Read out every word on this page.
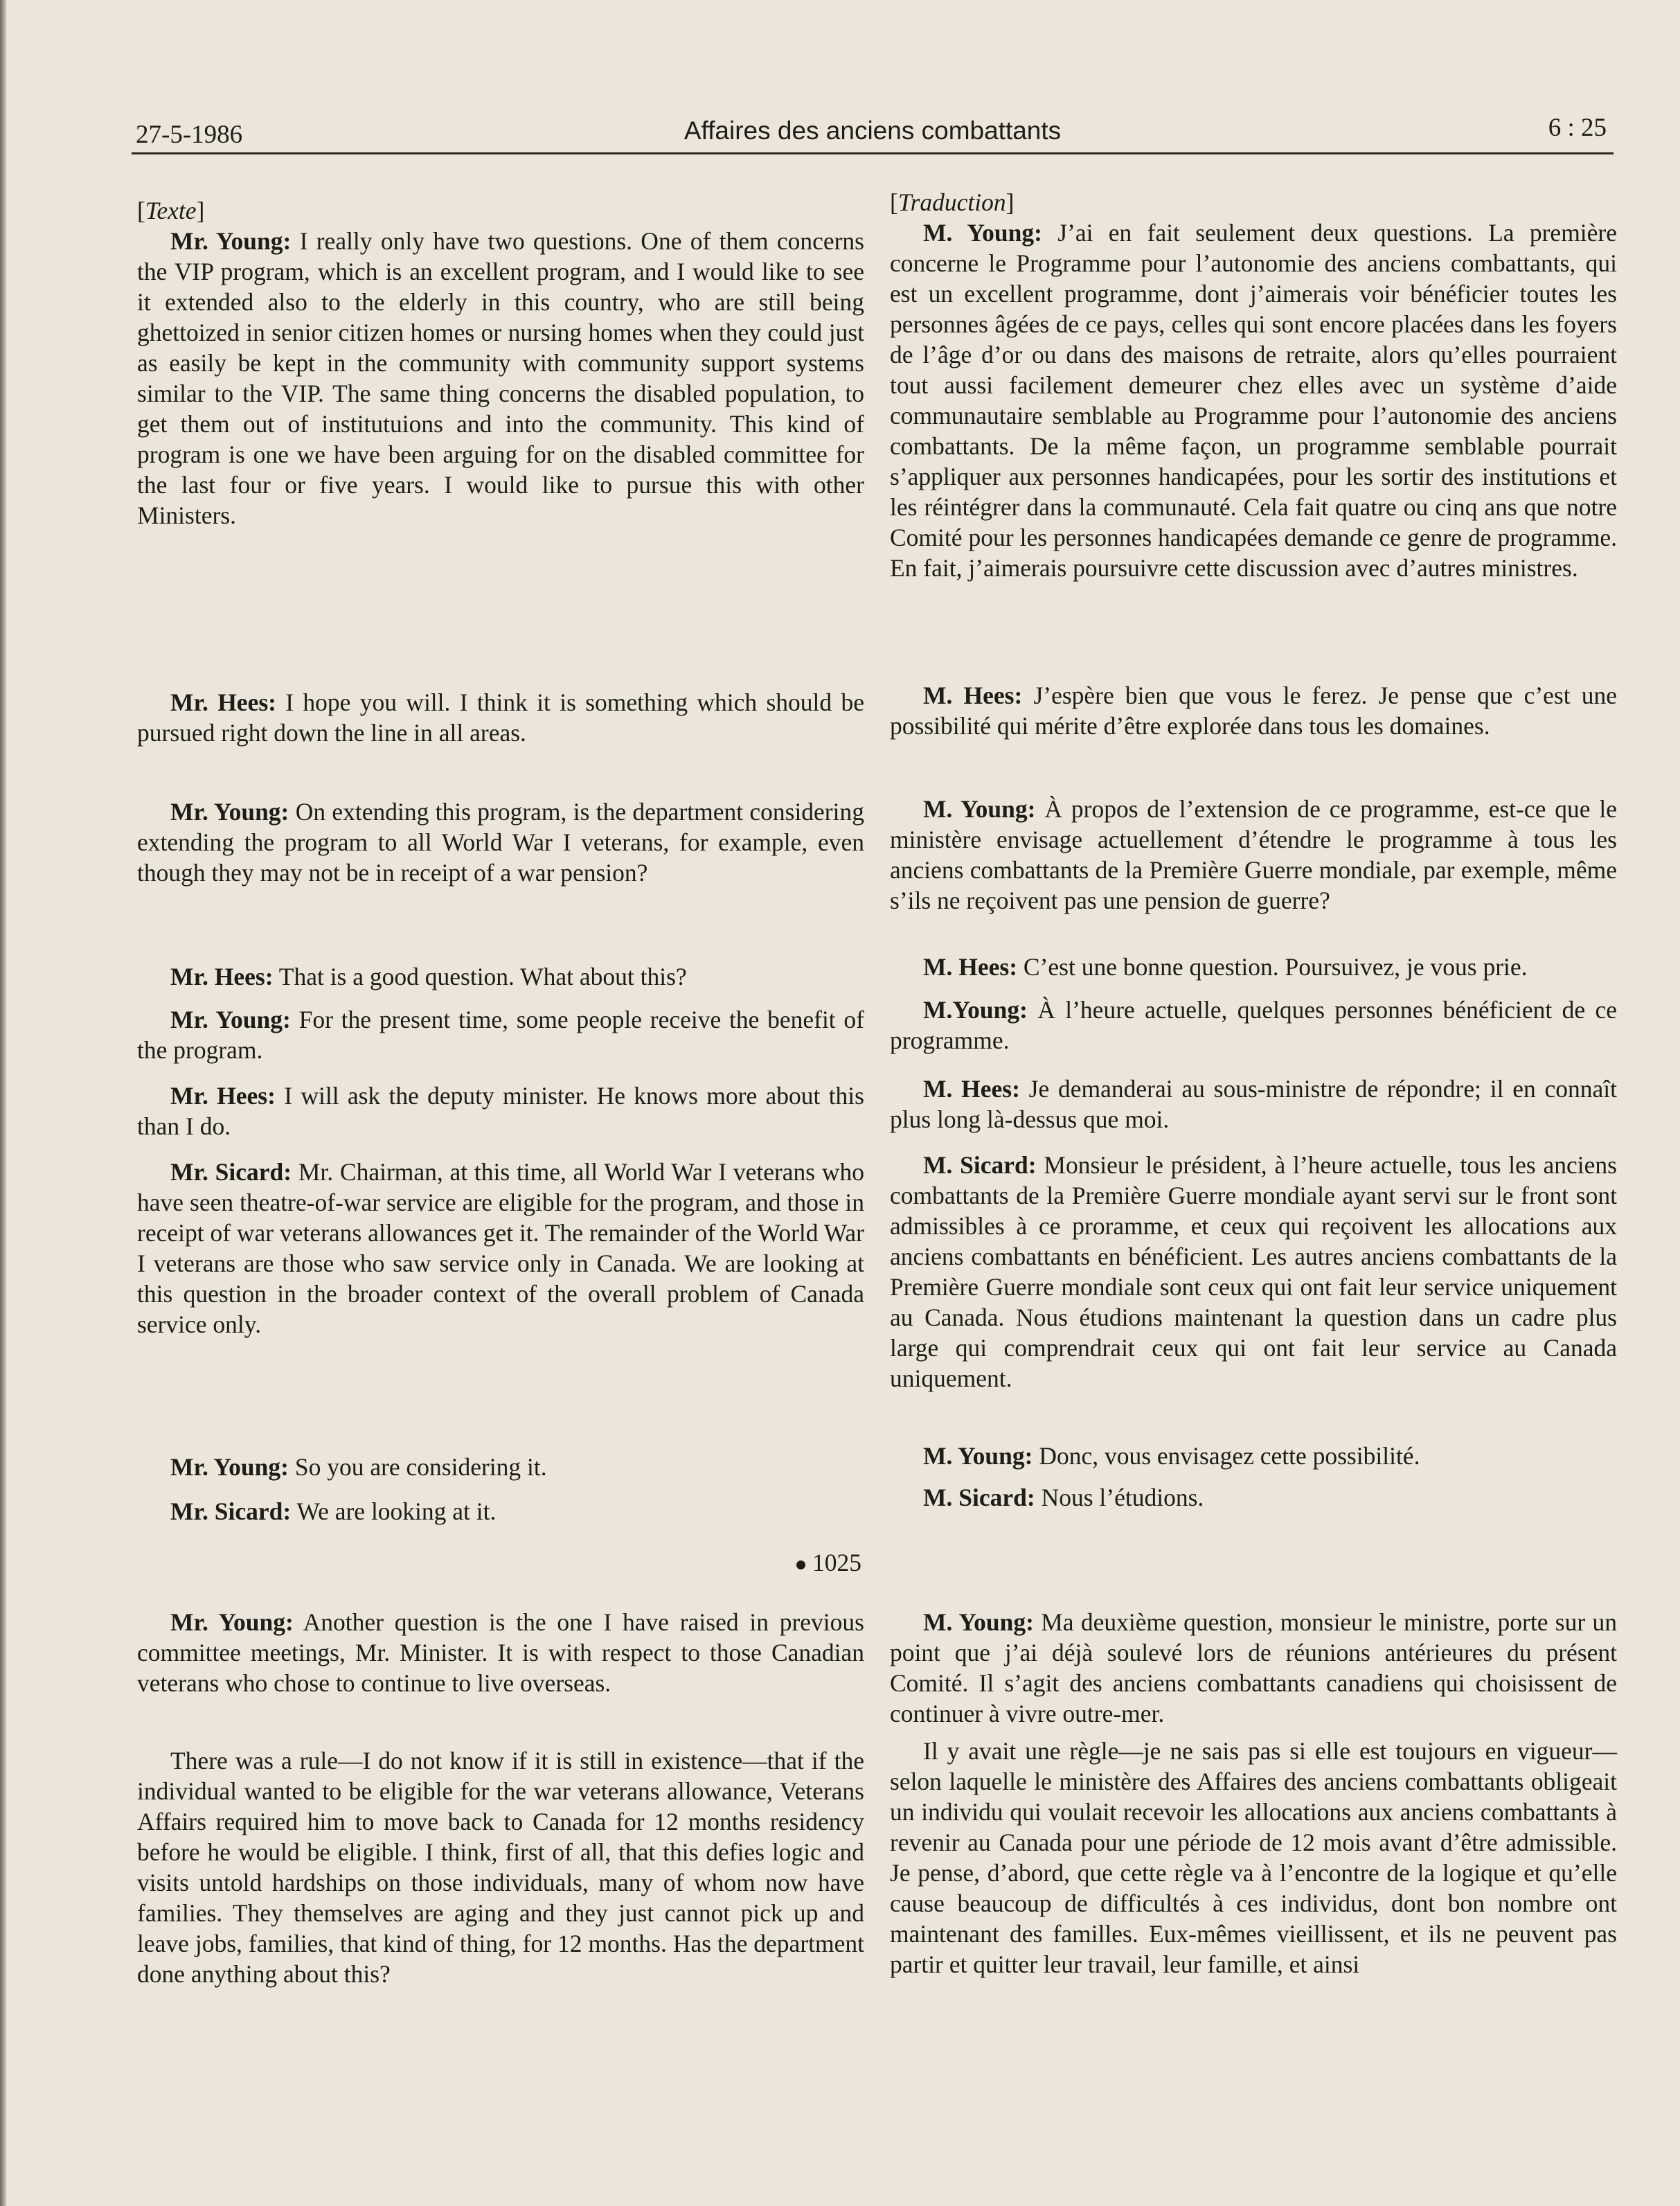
27-5-1986	Affaires des anciens combattants	6 : 25

[Texte]

Mr. Young: I really only have two questions. One of them concerns the VIP program, which is an excellent program, and I would like to see it extended also to the elderly in this country, who are still being ghettoized in senior citizen homes or nursing homes when they could just as easily be kept in the community with community support systems similar to the VIP. The same thing concerns the disabled population, to get them out of institutuions and into the community. This kind of program is one we have been arguing for on the disabled committee for the last four or five years. I would like to pursue this with other Ministers.

Mr. Hees: I hope you will. I think it is something which should be pursued right down the line in all areas.

Mr. Young: On extending this program, is the department considering extending the program to all World War I veterans, for example, even though they may not be in receipt of a war pension?

Mr. Hees: That is a good question. What about this?

Mr. Young: For the present time, some people receive the benefit of the program.

Mr. Hees: I will ask the deputy minister. He knows more about this than I do.

Mr. Sicard: Mr. Chairman, at this time, all World War I veterans who have seen theatre-of-war service are eligible for the program, and those in receipt of war veterans allowances get it. The remainder of the World War I veterans are those who saw service only in Canada. We are looking at this question in the broader context of the overall problem of Canada service only.

Mr. Young: So you are considering it.

Mr. Sicard: We are looking at it.

1025

Mr. Young: Another question is the one I have raised in previous committee meetings, Mr. Minister. It is with respect to those Canadian veterans who chose to continue to live overseas.

There was a rule—I do not know if it is still in existence—that if the individual wanted to be eligible for the war veterans allowance, Veterans Affairs required him to move back to Canada for 12 months residency before he would be eligible. I think, first of all, that this defies logic and visits untold hardships on those individuals, many of whom now have families. They themselves are aging and they just cannot pick up and leave jobs, families, that kind of thing, for 12 months. Has the department done anything about this?

[Traduction]

M. Young: J’ai en fait seulement deux questions. La première concerne le Programme pour l’autonomie des anciens combattants, qui est un excellent programme, dont j’aimerais voir bénéficier toutes les personnes âgées de ce pays, celles qui sont encore placées dans les foyers de l’âge d’or ou dans des maisons de retraite, alors qu’elles pourraient tout aussi facilement demeurer chez elles avec un système d’aide communautaire semblable au Programme pour l’autonomie des anciens combattants. De la même façon, un programme semblable pourrait s’appliquer aux personnes handicapées, pour les sortir des institutions et les réintégrer dans la communauté. Cela fait quatre ou cinq ans que notre Comité pour les personnes handicapées demande ce genre de programme. En fait, j’aimerais poursuivre cette discussion avec d’autres ministres.

M. Hees: J’espère bien que vous le ferez. Je pense que c’est une possibilité qui mérite d’être explorée dans tous les domaines.

M. Young: À propos de l’extension de ce programme, est-ce que le ministère envisage actuellement d’étendre le programme à tous les anciens combattants de la Première Guerre mondiale, par exemple, même s’ils ne reçoivent pas une pension de guerre?

M. Hees: C’est une bonne question. Poursuivez, je vous prie.

M.Young: À l’heure actuelle, quelques personnes bénéficient de ce programme.

M. Hees: Je demanderai au sous-ministre de répondre; il en connaît plus long là-dessus que moi.

M. Sicard: Monsieur le président, à l’heure actuelle, tous les anciens combattants de la Première Guerre mondiale ayant servi sur le front sont admissibles à ce proramme, et ceux qui reçoivent les allocations aux anciens combattants en bénéficient. Les autres anciens combattants de la Première Guerre mondiale sont ceux qui ont fait leur service uniquement au Canada. Nous étudions maintenant la question dans un cadre plus large qui comprendrait ceux qui ont fait leur service au Canada uniquement.

M. Young: Donc, vous envisagez cette possibilité.

M. Sicard: Nous l’étudions.

M. Young: Ma deuxième question, monsieur le ministre, porte sur un point que j’ai déjà soulevé lors de réunions antérieures du présent Comité. Il s’agit des anciens combattants canadiens qui choisissent de continuer à vivre outre-mer.

Il y avait une règle—je ne sais pas si elle est toujours en vigueur—selon laquelle le ministère des Affaires des anciens combattants obligeait un individu qui voulait recevoir les allocations aux anciens combattants à revenir au Canada pour une période de 12 mois avant d’être admissible. Je pense, d’abord, que cette règle va à l’encontre de la logique et qu’elle cause beaucoup de difficultés à ces individus, dont bon nombre ont maintenant des familles. Eux-mêmes vieillissent, et ils ne peuvent pas partir et quitter leur travail, leur famille, et ainsi
